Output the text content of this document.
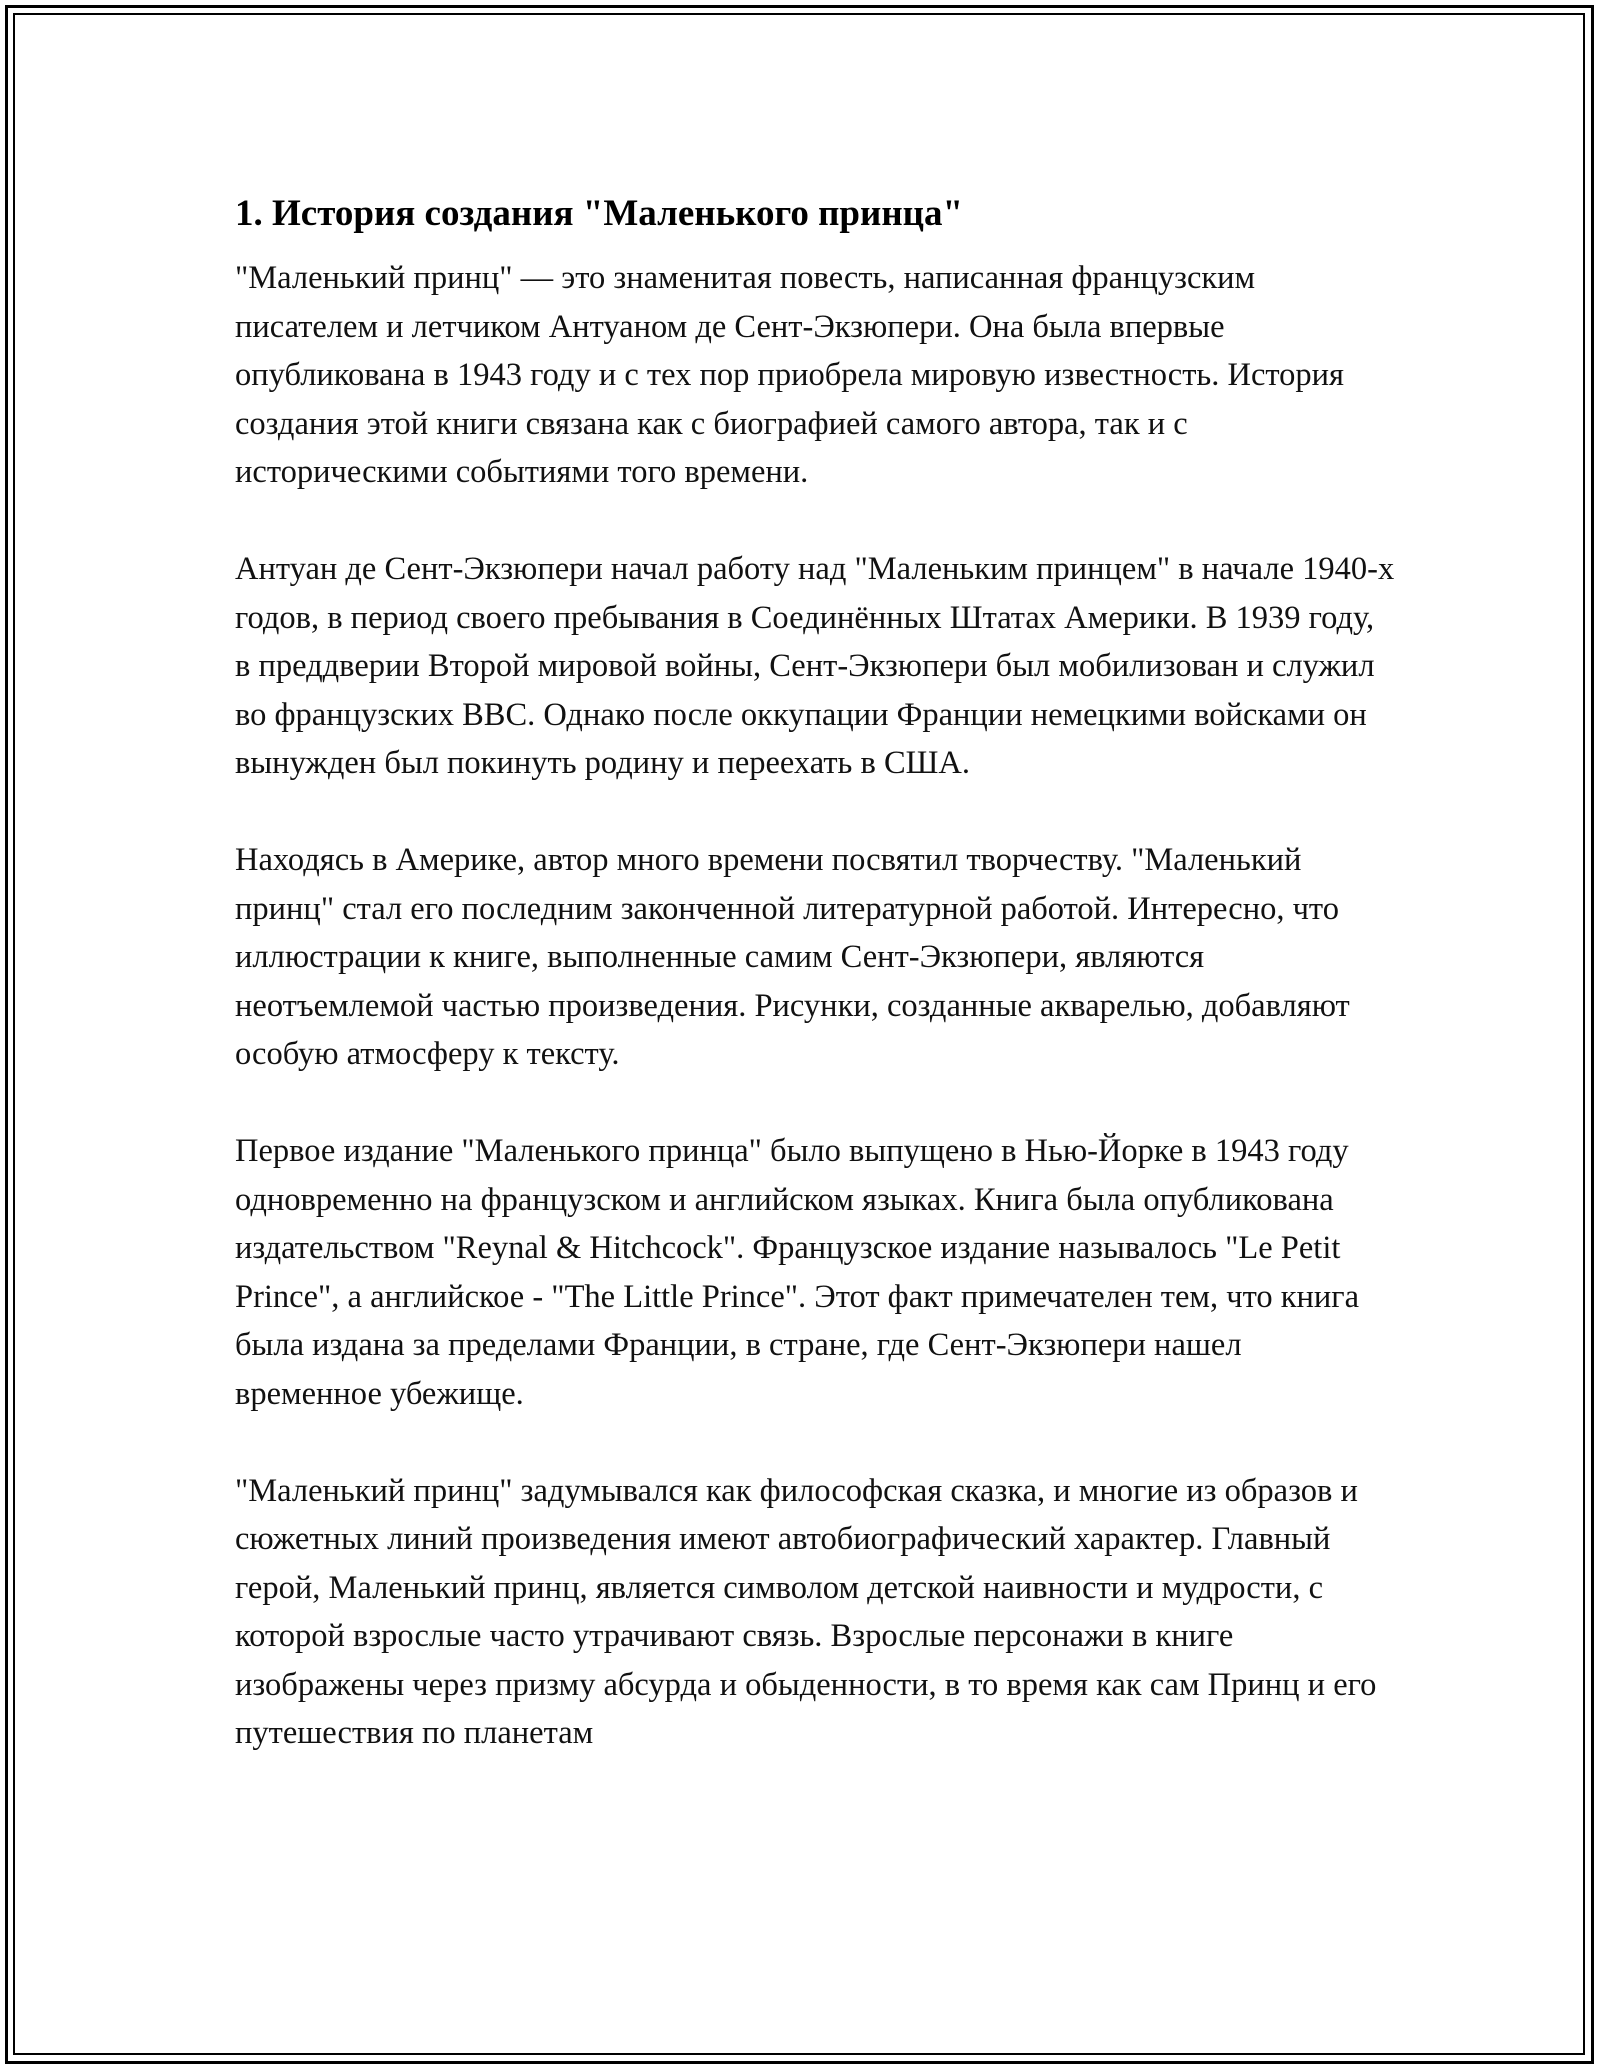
1. История создания "Маленького принца"

"Маленький принц" — это знаменитая повесть, написанная французским писателем и летчиком Антуаном де Сент-Экзюпери. Она была впервые опубликована в 1943 году и с тех пор приобрела мировую известность. История создания этой книги связана как с биографией самого автора, так и с историческими событиями того времени.

Антуан де Сент-Экзюпери начал работу над "Маленьким принцем" в начале 1940-х годов, в период своего пребывания в Соединённых Штатах Америки. В 1939 году, в преддверии Второй мировой войны, Сент-Экзюпери был мобилизован и служил во французских ВВС. Однако после оккупации Франции немецкими войсками он вынужден был покинуть родину и переехать в США.

Находясь в Америке, автор много времени посвятил творчеству. "Маленький принц" стал его последним законченной литературной работой. Интересно, что иллюстрации к книге, выполненные самим Сент-Экзюпери, являются неотъемлемой частью произведения. Рисунки, созданные акварелью, добавляют особую атмосферу к тексту.

Первое издание "Маленького принца" было выпущено в Нью-Йорке в 1943 году одновременно на французском и английском языках. Книга была опубликована издательством "Reynal & Hitchcock". Французское издание называлось "Le Petit Prince", а английское - "The Little Prince". Этот факт примечателен тем, что книга была издана за пределами Франции, в стране, где Сент-Экзюпери нашел временное убежище.

"Маленький принц" задумывался как философская сказка, и многие из образов и сюжетных линий произведения имеют автобиографический характер. Главный герой, Маленький принц, является символом детской наивности и мудрости, с которой взрослые часто утрачивают связь. Взрослые персонажи в книге изображены через призму абсурда и обыденности, в то время как сам Принц и его путешествия по планетам
